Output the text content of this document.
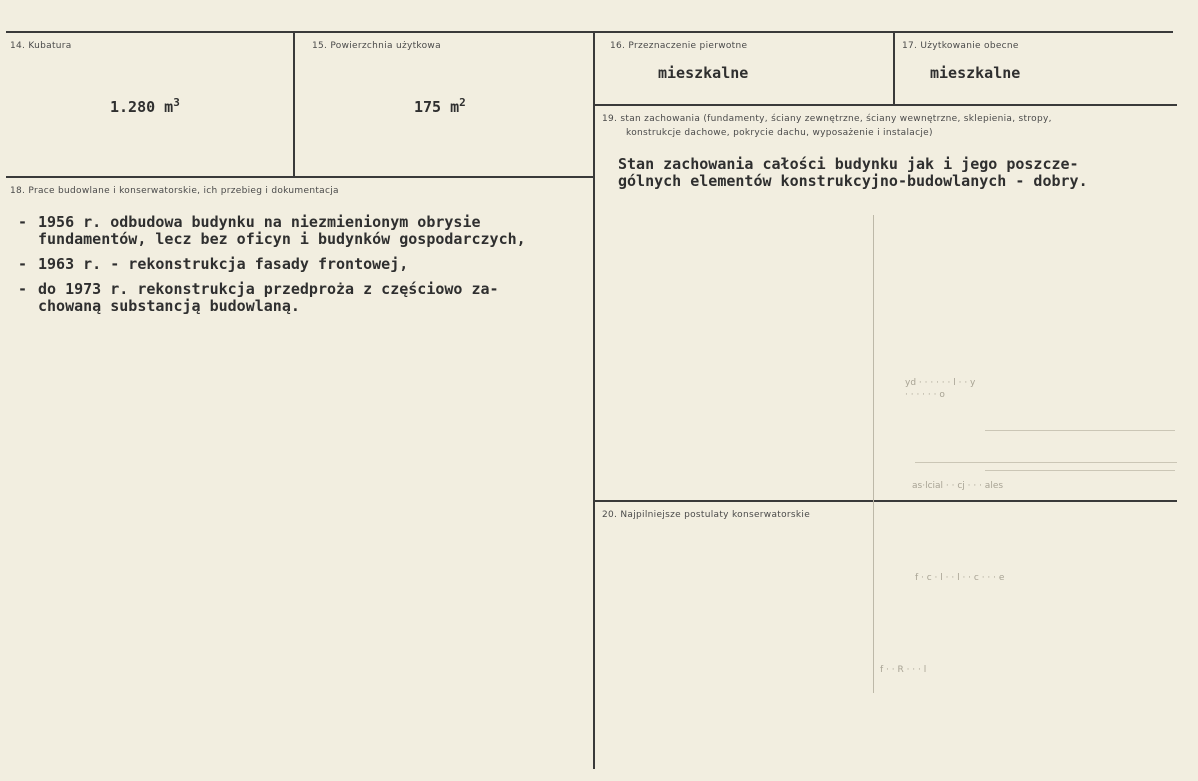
yd · · · · · · l · · y
· · · · · · o
as·lcial · · cj · · · ales
f · c · l · · l · · c · · · e
f · · R · · · l
14. Kubatura
1.280 $m^3$
15. Powierzchnia użytkowa
175 $m^2$
16. Przeznaczenie pierwotne
mieszkalne
17. Użytkowanie obecne
mieszkalne
18. Prace budowlane i konserwatorskie, ich przebieg i dokumentacja
- 1956 r. odbudowa budynku na niezmienionym obrysie
fundamentów, lecz bez oficyn i budynków gospodarczych,
- 1963 r. - rekonstrukcja fasady frontowej,
- do 1973 r. rekonstrukcja przedproża z częściowo za-
chowaną substancją budowlaną.
19. stan zachowania (fundamenty, ściany zewnętrzne, ściany wewnętrzne, sklepienia, stropy,
konstrukcje dachowe, pokrycie dachu, wyposażenie i instalacje)
Stan zachowania całości budynku jak i jego poszcze-
gólnych elementów konstrukcyjno-budowlanych - dobry.
20. Najpilniejsze postulaty konserwatorskie
